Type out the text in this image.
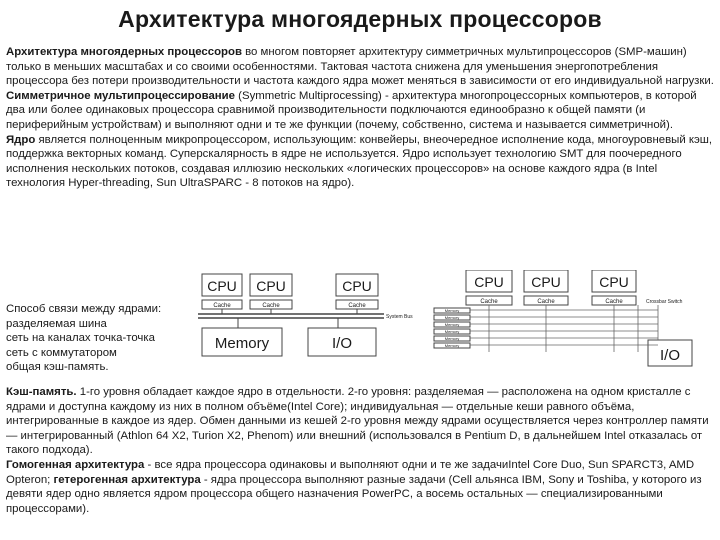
Архитектура многоядерных процессоров
Архитектура многоядерных процессоров во многом повторяет архитектуру симметричных мультипроцессоров (SMP-машин) только в меньших масштабах и со своими особенностями. Тактовая частота снижена для уменьшения энергопотребления процессора без потери производительности и частота каждого ядра может меняться в зависимости от его индивидуальной нагрузки.
Симметричное мультипроцессирование (Symmetric Multiprocessing) - архитектура многопроцессорных компьютеров, в которой два или более одинаковых процессора сравнимой производительности подключаются единообразно к общей памяти (и периферийным устройствам) и выполняют одни и те же функции (почему, собственно, система и называется симметричной).
Ядро является полноценным микропроцессором, использующим: конвейеры, внеочередное исполнение кода, многоуровневый кэш, поддержка векторных команд. Суперскалярность в ядре не используется. Ядро использует технологию SMT для поочередного исполнения нескольких потоков, создавая иллюзию нескольких «логических процессоров» на основе каждого ядра (в Intel технология Hyper-threading, Sun UltraSPARC - 8 потоков на ядро).
CPU CPU	CPU
Cache	Cache	Cache
Memory	I/O
System Bus
CPU CPU	CPU
Cache	Cache	Cache
Memory
Memory
Memory
Memory
Memory
Memory
I/O
Crossbar Switch
Способ связи между ядрами:
разделяемая шина
сеть на каналах точка-точка
сеть с коммутатором
общая кэш-память.
Кэш-память. 1-го уровня обладает каждое ядро в отдельности. 2-го уровня: разделяемая — расположена на одном кристалле с ядрами и доступна каждому из них в полном объёме(Intel Core); индивидуальная — отдельные кеши равного объёма, интегрированные в каждое из ядер. Обмен данными из кешей 2-го уровня между ядрами осуществляется через контроллер памяти — интегрированный (Athlon 64 X2, Turion X2, Phenom) или внешний (использовался в Pentium D, в дальнейшем Intel отказалась от такого подхода).
Гомогенная архитектура - все ядра процессора одинаковы и выполняют одни и те же задачиIntel Core Duo, Sun SPARCT3, AMD Opteron; гетерогенная архитектура - ядра процессора выполняют разные задачи (Cell альянса IBM, Sony и Toshiba, у которого из девяти ядер одно является ядром процессора общего назначения PowerPC, а восемь остальных — специализированными процессорами).
